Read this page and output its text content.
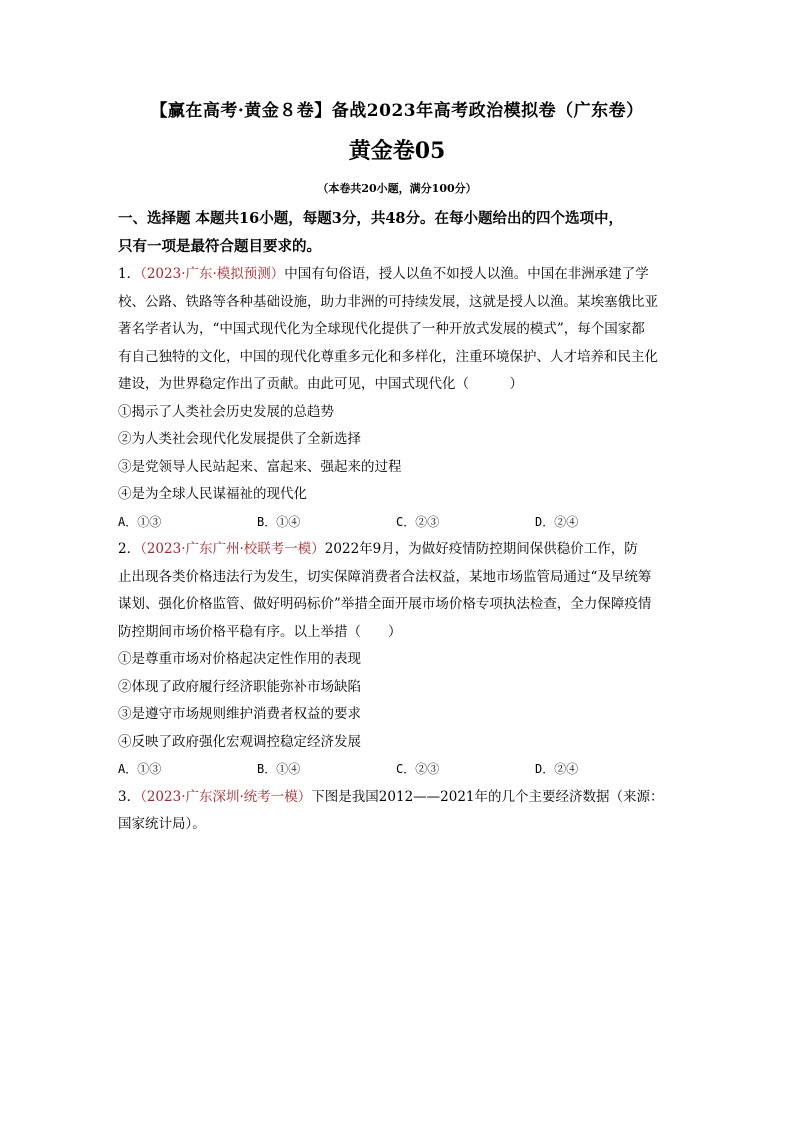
【赢在高考·黄金８卷】备战2023年高考政治模拟卷（广东卷）
黄金卷05
（本卷共20小题，满分100分）

一、选择题 本题共16小题，每题3分，共48分。在每小题给出的四个选项中，

只有一项是最符合题目要求的。

1．（2023·广东·模拟预测）中国有句俗语，授人以鱼不如授人以渔。中国在非洲承建了学

校、公路、铁路等各种基础设施，助力非洲的可持续发展，这就是授人以渔。某埃塞俄比亚

著名学者认为，“中国式现代化为全球现代化提供了一种开放式发展的模式”，每个国家都

有自己独特的文化，中国的现代化尊重多元化和多样化，注重环境保护、人才培养和民主化

建设，为世界稳定作出了贡献。由此可见，中国式现代化（　　　）

①揭示了人类社会历史发展的总趋势

②为人类社会现代化发展提供了全新选择

③是党领导人民站起来、富起来、强起来的过程

④是为全球人民谋福祉的现代化

A．①③	B．①④	C．②③	D．②④

2．（2023·广东广州·校联考一模）2022年9月，为做好疫情防控期间保供稳价工作，防

止出现各类价格违法行为发生，切实保障消费者合法权益，某地市场监管局通过“及早统筹

谋划、强化价格监管、做好明码标价”举措全面开展市场价格专项执法检查，全力保障疫情

防控期间市场价格平稳有序。以上举措（　　）

①是尊重市场对价格起决定性作用的表现

②体现了政府履行经济职能弥补市场缺陷

③是遵守市场规则维护消费者权益的要求

④反映了政府强化宏观调控稳定经济发展

A．①③	B．①④	C．②③	D．②④

3．（2023·广东深圳·统考一模）下图是我国2012——2021年的几个主要经济数据（来源：

国家统计局）。
